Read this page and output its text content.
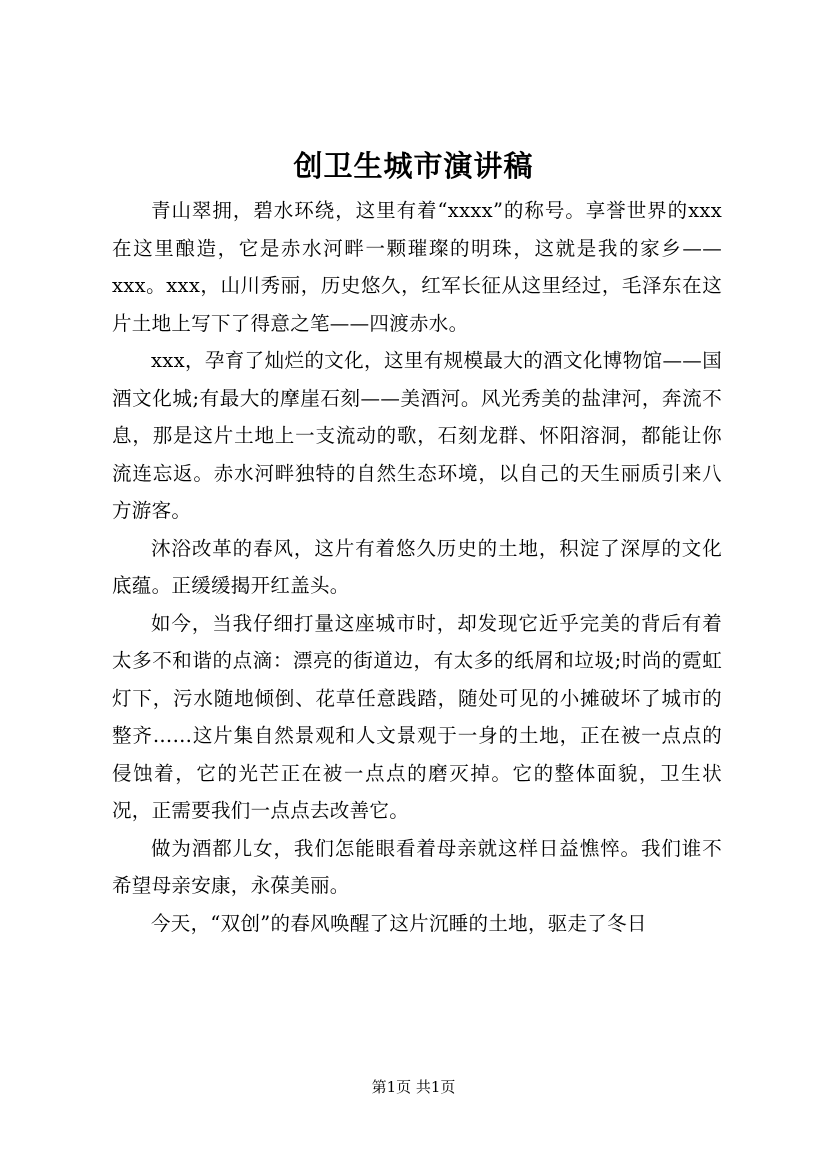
创卫生城市演讲稿

青山翠拥，碧水环绕，这里有着“xxxx”的称号。享誉世界的xxx在这里酿造，它是赤水河畔一颗璀璨的明珠，这就是我的家乡——xxx。xxx，山川秀丽，历史悠久，红军长征从这里经过，毛泽东在这片土地上写下了得意之笔——四渡赤水。

xxx，孕育了灿烂的文化，这里有规模最大的酒文化博物馆——国酒文化城;有最大的摩崖石刻——美酒河。风光秀美的盐津河，奔流不息，那是这片土地上一支流动的歌，石刻龙群、怀阳溶洞，都能让你流连忘返。赤水河畔独特的自然生态环境，以自己的天生丽质引来八方游客。

沐浴改革的春风，这片有着悠久历史的土地，积淀了深厚的文化底蕴。正缓缓揭开红盖头。

如今，当我仔细打量这座城市时，却发现它近乎完美的背后有着太多不和谐的点滴：漂亮的街道边，有太多的纸屑和垃圾;时尚的霓虹灯下，污水随地倾倒、花草任意践踏，随处可见的小摊破坏了城市的整齐……这片集自然景观和人文景观于一身的土地，正在被一点点的侵蚀着，它的光芒正在被一点点的磨灭掉。它的整体面貌，卫生状况，正需要我们一点点去改善它。

做为酒都儿女，我们怎能眼看着母亲就这样日益憔悴。我们谁不希望母亲安康，永葆美丽。

今天，“双创”的春风唤醒了这片沉睡的土地，驱走了冬日

第1页 共1页
